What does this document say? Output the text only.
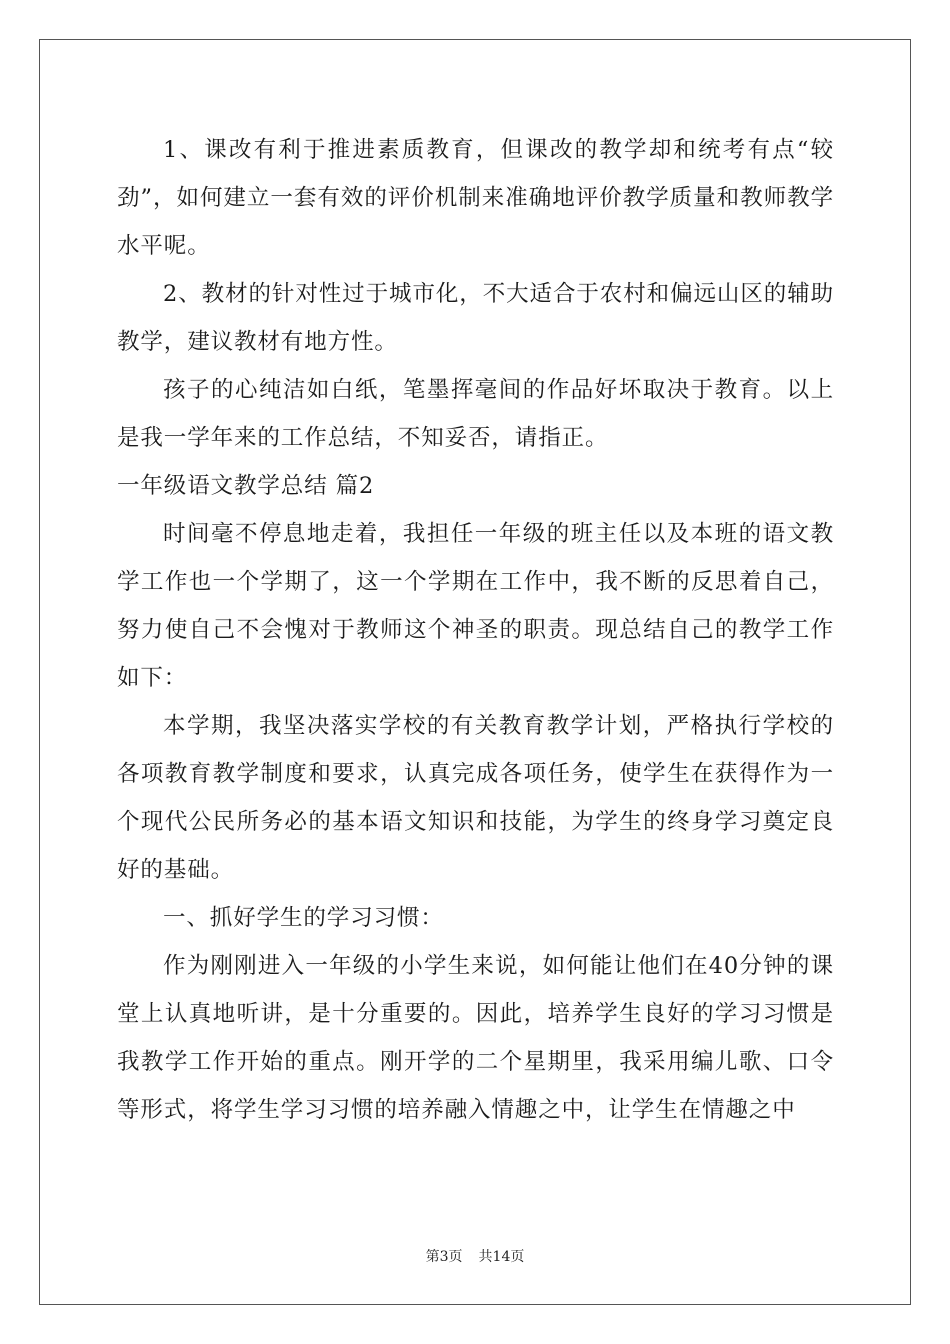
1、课改有利于推进素质教育，但课改的教学却和统考有点“较劲”，如何建立一套有效的评价机制来准确地评价教学质量和教师教学水平呢。

2、教材的针对性过于城市化，不大适合于农村和偏远山区的辅助教学，建议教材有地方性。

孩子的心纯洁如白纸，笔墨挥毫间的作品好坏取决于教育。以上是我一学年来的工作总结，不知妥否，请指正。

一年级语文教学总结 篇2

时间毫不停息地走着，我担任一年级的班主任以及本班的语文教学工作也一个学期了，这一个学期在工作中，我不断的反思着自己，努力使自己不会愧对于教师这个神圣的职责。现总结自己的教学工作如下：

本学期，我坚决落实学校的有关教育教学计划，严格执行学校的各项教育教学制度和要求，认真完成各项任务，使学生在获得作为一个现代公民所务必的基本语文知识和技能，为学生的终身学习奠定良好的基础。

一、抓好学生的学习习惯：

作为刚刚进入一年级的小学生来说，如何能让他们在40分钟的课堂上认真地听讲，是十分重要的。因此，培养学生良好的学习习惯是我教学工作开始的重点。刚开学的二个星期里，我采用编儿歌、口令等形式，将学生学习习惯的培养融入情趣之中，让学生在情趣之中

第3页 共14页
